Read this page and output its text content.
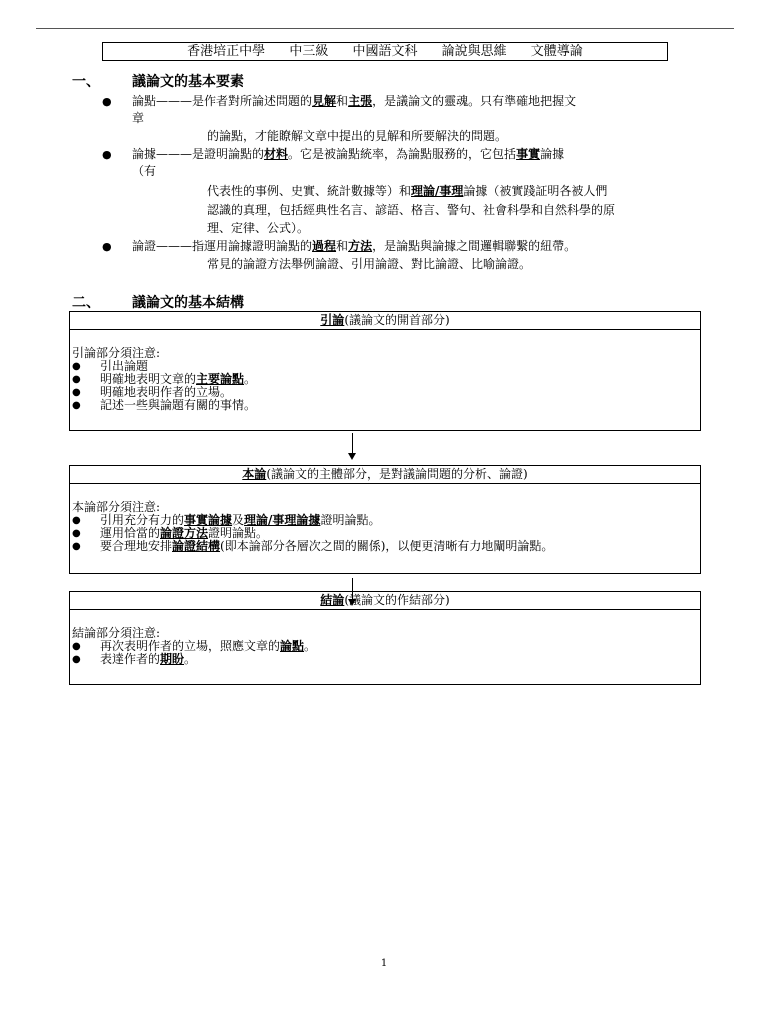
香港培正中學 中三級 中國語文科 論說與思維 文體導論
一、 議論文的基本要素
● 論點———是作者對所論述問題的見解和主張，是議論文的靈魂。只有準確地把握文
章
的論點，才能瞭解文章中提出的見解和所要解決的問題。
● 論據———是證明論點的材料。它是被論點統率，為論點服務的，它包括事實論據
（有
代表性的事例、史實、統計數據等）和理論/事理論據（被實踐証明各被人們
認識的真理，包括經典性名言、諺語、格言、警句、社會科學和自然科學的原
理、定律、公式）。
● 論證———指運用論據證明論點的過程和方法，是論點與論據之間邏輯聯繫的紐帶。
常見的論證方法舉例論證、引用論證、對比論證、比喻論證。
二、 議論文的基本結構
引論(議論文的開首部分)
引論部分須注意:
●	引出論題
●	明確地表明文章的主要論點。
●	明確地表明作者的立場。
●	記述一些與論題有關的事情。
本論(議論文的主體部分，是對議論問題的分析、論證)
本論部分須注意:
●	引用充分有力的事實論據及理論/事理論據證明論點。
●	運用恰當的論證方法證明論點。
●	要合理地安排論證結構(即本論部分各層次之間的關係)，以便更清晰有力地闡明論點。
結論(議論文的作結部分)
結論部分須注意:
●	再次表明作者的立場，照應文章的論點。
●	表達作者的期盼。
1
